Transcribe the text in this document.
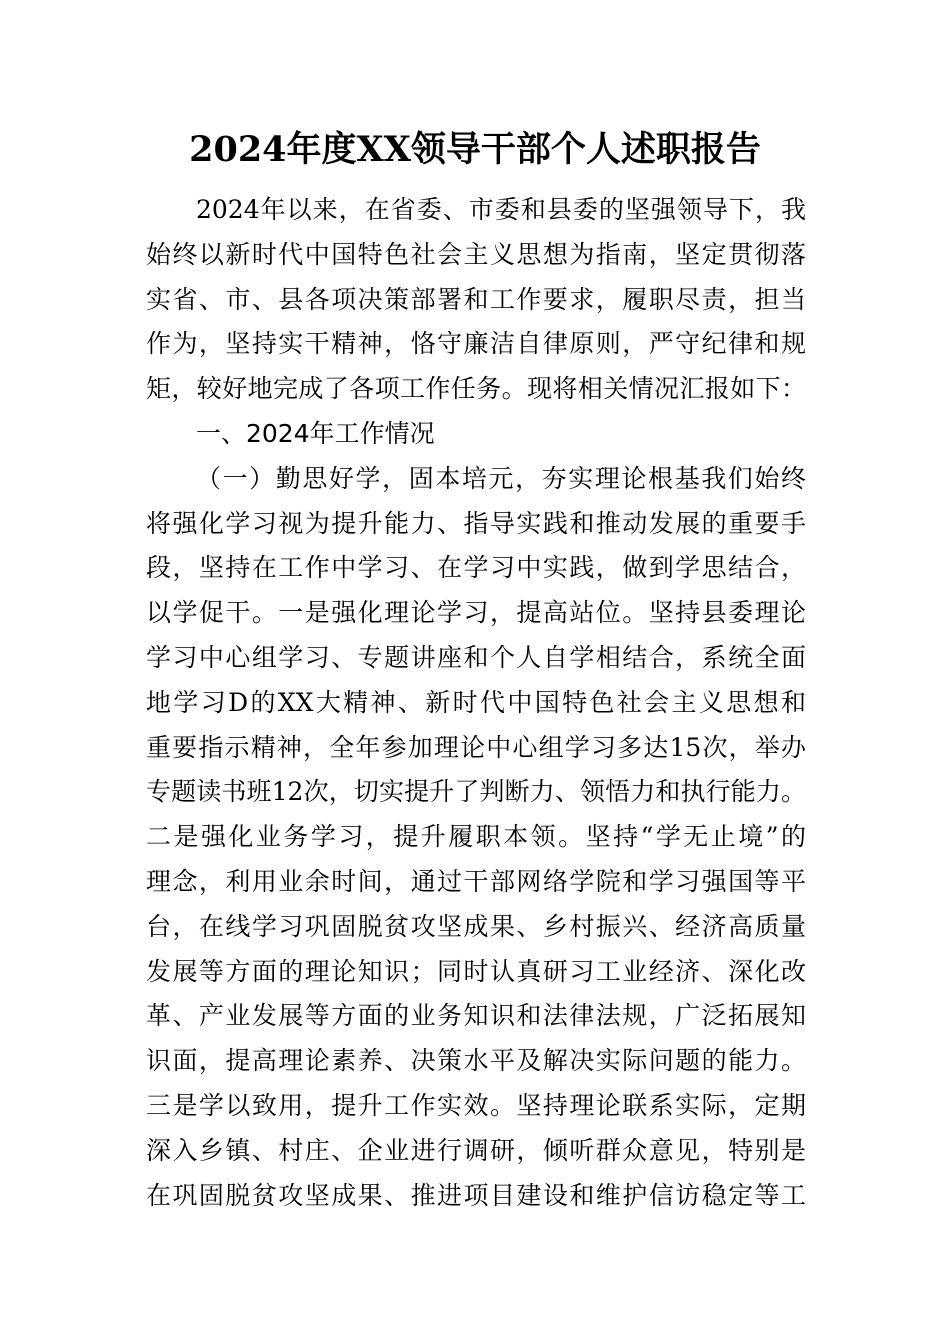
2024年度XX领导干部个人述职报告
2024年以来，在省委、市委和县委的坚强领导下，我
始终以新时代中国特色社会主义思想为指南，坚定贯彻落
实省、市、县各项决策部署和工作要求，履职尽责，担当
作为，坚持实干精神，恪守廉洁自律原则，严守纪律和规
矩，较好地完成了各项工作任务。现将相关情况汇报如下：
一、2024年工作情况
（一）勤思好学，固本培元，夯实理论根基我们始终
将强化学习视为提升能力、指导实践和推动发展的重要手
段，坚持在工作中学习、在学习中实践，做到学思结合，
以学促干。一是强化理论学习，提高站位。坚持县委理论
学习中心组学习、专题讲座和个人自学相结合，系统全面
地学习D的XX大精神、新时代中国特色社会主义思想和
重要指示精神，全年参加理论中心组学习多达15次，举办
专题读书班12次，切实提升了判断力、领悟力和执行能力。
二是强化业务学习，提升履职本领。坚持“学无止境”的
理念，利用业余时间，通过干部网络学院和学习强国等平
台，在线学习巩固脱贫攻坚成果、乡村振兴、经济高质量
发展等方面的理论知识；同时认真研习工业经济、深化改
革、产业发展等方面的业务知识和法律法规，广泛拓展知
识面，提高理论素养、决策水平及解决实际问题的能力。
三是学以致用，提升工作实效。坚持理论联系实际，定期
深入乡镇、村庄、企业进行调研，倾听群众意见，特别是
在巩固脱贫攻坚成果、推进项目建设和维护信访稳定等工
